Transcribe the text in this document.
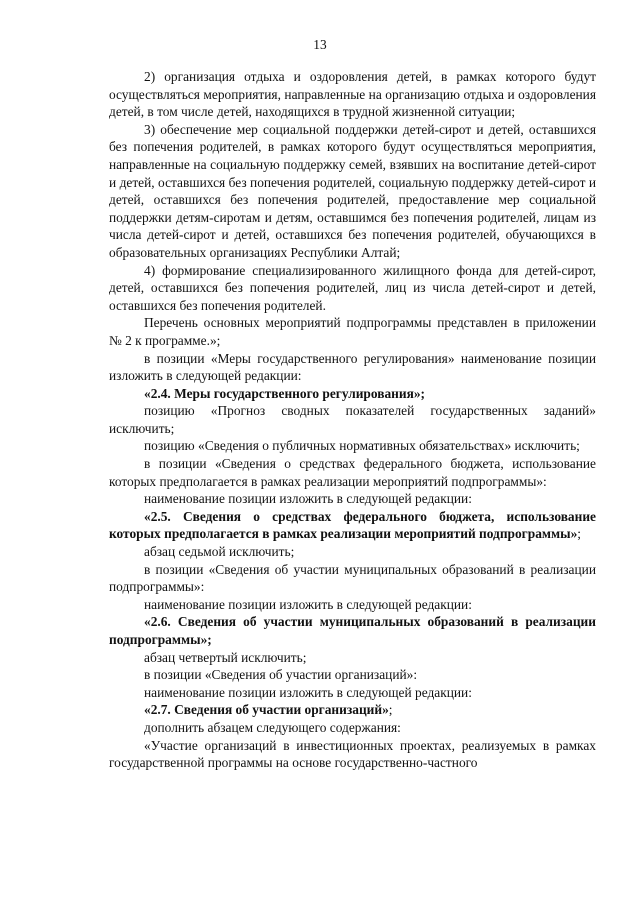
13

2) организация отдыха и оздоровления детей, в рамках которого будут осуществляться мероприятия, направленные на организацию отдыха и оздоровления детей, в том числе детей, находящихся в трудной жизненной ситуации;

3) обеспечение мер социальной поддержки детей-сирот и детей, оставшихся без попечения родителей, в рамках которого будут осуществляться мероприятия, направленные на социальную поддержку семей, взявших на воспитание детей-сирот и детей, оставшихся без попечения родителей, социальную поддержку детей-сирот и детей, оставшихся без попечения родителей, предоставление мер социальной поддержки детям-сиротам и детям, оставшимся без попечения родителей, лицам из числа детей-сирот и детей, оставшихся без попечения родителей, обучающихся в образовательных организациях Республики Алтай;

4) формирование специализированного жилищного фонда для детей-сирот, детей, оставшихся без попечения родителей, лиц из числа детей-сирот и детей, оставшихся без попечения родителей.

Перечень основных мероприятий подпрограммы представлен в приложении № 2 к программе.»;

в позиции «Меры государственного регулирования» наименование позиции изложить в следующей редакции:

«2.4. Меры государственного регулирования»;

позицию «Прогноз сводных показателей государственных заданий» исключить;

позицию «Сведения о публичных нормативных обязательствах» исключить;

в позиции «Сведения о средствах федерального бюджета, использование которых предполагается в рамках реализации мероприятий подпрограммы»:

наименование позиции изложить в следующей редакции:

«2.5. Сведения о средствах федерального бюджета, использование которых предполагается в рамках реализации мероприятий подпрограммы»;

абзац седьмой исключить;

в позиции «Сведения об участии муниципальных образований в реализации подпрограммы»:

наименование позиции изложить в следующей редакции:

«2.6. Сведения об участии муниципальных образований в реализации подпрограммы»;

абзац четвертый исключить;

в позиции «Сведения об участии организаций»:

наименование позиции изложить в следующей редакции:

«2.7. Сведения об участии организаций»;

дополнить абзацем следующего содержания:

«Участие организаций в инвестиционных проектах, реализуемых в рамках государственной программы на основе государственно-частного
